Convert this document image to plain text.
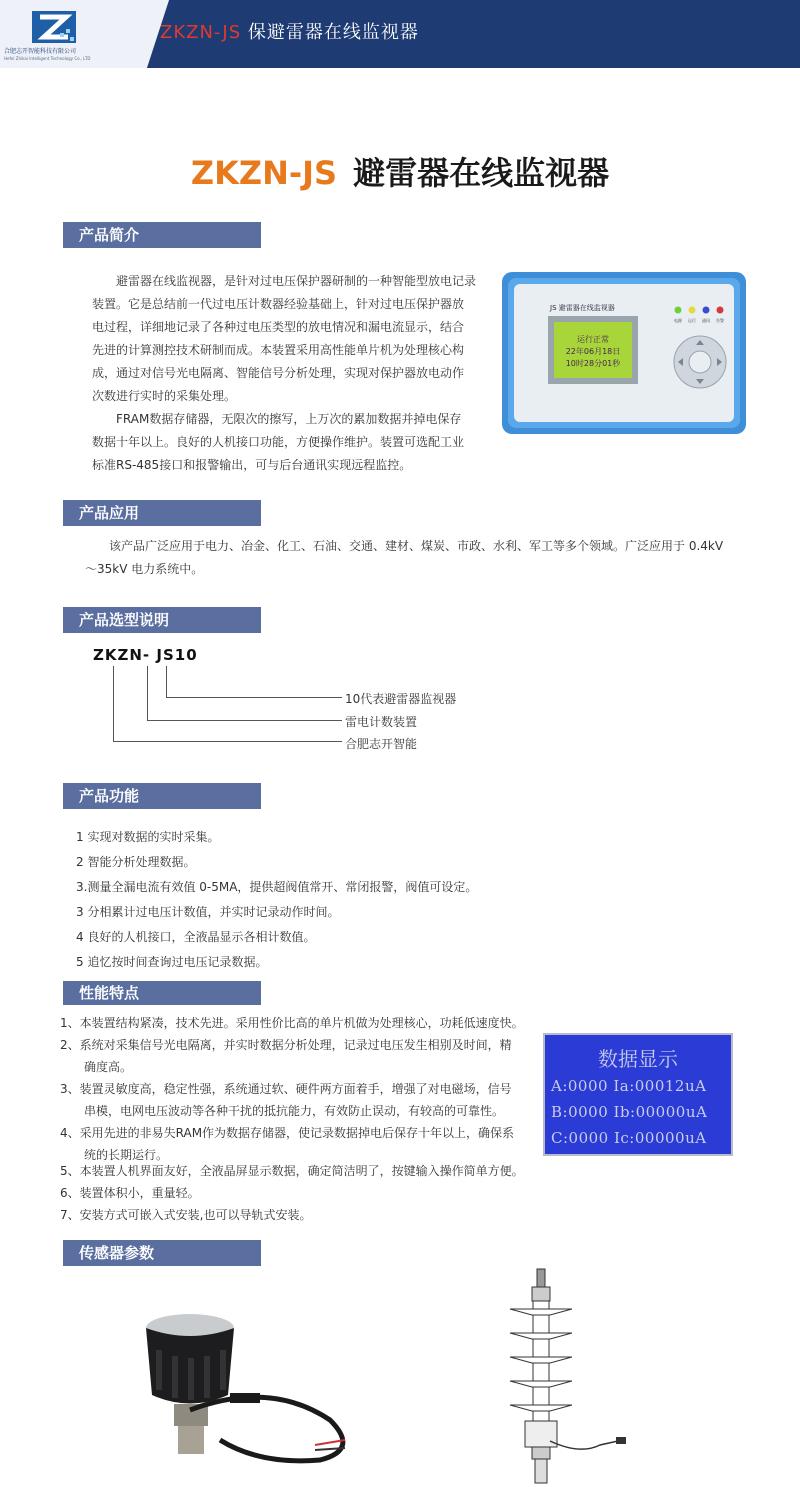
合肥志开智能科技有限公司
Hefei Zhikai Intelligent Technology Co., LTD
ZKZN-JS 保避雷器在线监视器
ZKZN-JS 避雷器在线监视器
产品简介
　　避雷器在线监视器，是针对过电压保护器研制的一种智能型放电记录
装置。它是总结前一代过电压计数器经验基础上，针对过电压保护器放
电过程，详细地记录了各种过电压类型的放电情况和漏电流显示，结合
先进的计算测控技术研制而成。本装置采用高性能单片机为处理核心构
成，通过对信号光电隔离、智能信号分析处理，实现对保护器放电动作
次数进行实时的采集处理。
　　FRAM数据存储器，无限次的擦写，上万次的累加数据并掉电保存
数据十年以上。良好的人机接口功能，方便操作维护。装置可选配工业
标准RS-485接口和报警输出，可与后台通讯实现远程监控。
JS 避雷器在线监视器
运行正常
22年06月18日
10时28分01秒
电源 运行 通讯 告警
产品应用
　　该产品广泛应用于电力、冶金、化工、石油、交通、建材、煤炭、市政、水利、军工等多个领域。广泛应用于 0.4kV
～35kV 电力系统中。
产品选型说明
ZKZN- JS10
10代表避雷器监视器
雷电计数装置
合肥志开智能
产品功能
1 实现对数据的实时采集。
2 智能分析处理数据。
3.测量全漏电流有效值 0-5MA，提供超阀值常开、常闭报警，阀值可设定。
3 分相累计过电压计数值，并实时记录动作时间。
4 良好的人机接口，全液晶显示各相计数值。
5 追忆按时间查询过电压记录数据。
性能特点
1、本装置结构紧凑，技术先进。采用性价比高的单片机做为处理核心，功耗低速度快。
2、系统对采集信号光电隔离，并实时数据分析处理，记录过电压发生相别及时间，精
　　确度高。
3、装置灵敏度高，稳定性强，系统通过软、硬件两方面着手，增强了对电磁场，信号
　　串模，电网电压波动等各种干扰的抵抗能力，有效防止误动，有较高的可靠性。
4、采用先进的非易失RAM作为数据存储器，使记录数据掉电后保存十年以上，确保系
　　统的长期运行。
5、本装置人机界面友好，全液晶屏显示数据，确定简洁明了，按键输入操作简单方便。
6、装置体积小，重量轻。
7、安装方式可嵌入式安装,也可以导轨式安装。
数据显示
A:0000 Ia:00012uA
B:0000 Ib:00000uA
C:0000 Ic:00000uA
传感器参数
